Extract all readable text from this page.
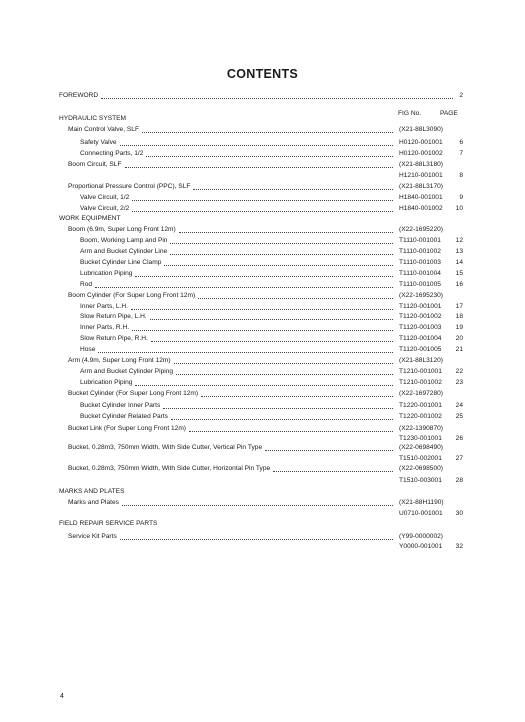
CONTENTS
FIG No.	PAGE
FOREWORD	2
HYDRAULIC SYSTEM
Main Control Valve, SLF	(X21-88L3090)
Safety Valve	H0120-001001	6
Connecting Parts, 1/2	H0120-001002	7
Boom Circuit, SLF	(X21-88L3180)
H1210-001001	8
Proportional Pressure Control (PPC), SLF	(X21-88L3170)
Valve Circuit, 1/2	H1840-001001	9
Valve Circuit, 2/2	H1840-001002	10
WORK EQUIPMENT
Boom (6.9m, Super Long Front 12m)	(X22-1695220)
Boom, Working Lamp and Pin	T1110-001001	12
Arm and Bucket Cylinder Line	T1110-001002	13
Bucket Cylinder Line Clamp	T1110-001003	14
Lubrication Piping	T1110-001004	15
Rod	T1110-001005	16
Boom Cylinder (For Super Long Front 12m)	(X22-1695230)
Inner Parts, L.H.	T1120-001001	17
Slow Return Pipe, L.H.	T1120-001002	18
Inner Parts, R.H.	T1120-001003	19
Slow Return Pipe, R.H.	T1120-001004	20
Hose	T1120-001005	21
Arm (4.9m, Super Long Front 12m)	(X21-88L3120)
Arm and Bucket Cylinder Piping	T1210-001001	22
Lubrication Piping	T1210-001002	23
Bucket Cylinder (For Super Long Front 12m)	(X22-1697280)
Bucket Cylinder Inner Parts	T1220-001001	24
Bucket Cylinder Related Parts	T1220-001002	25
Bucket Link (For Super Long Front 12m)	(X22-1390870)
T1230-001001	26
Bucket, 0.28m3, 750mm Width, With Side Cutter, Vertical Pin Type	(X22-0698490)
T1510-002001	27
Bucket, 0.28m3, 750mm Width, With Side Cutter, Horizontal Pin Type	(X22-0698500)
T1510-003001	28
MARKS AND PLATES
Marks and Plates	(X21-88H1190)
U0710-001001	30
FIELD REPAIR SERVICE PARTS
Service Kit Parts	(Y99-0000002)
Y0000-001001	32
4
